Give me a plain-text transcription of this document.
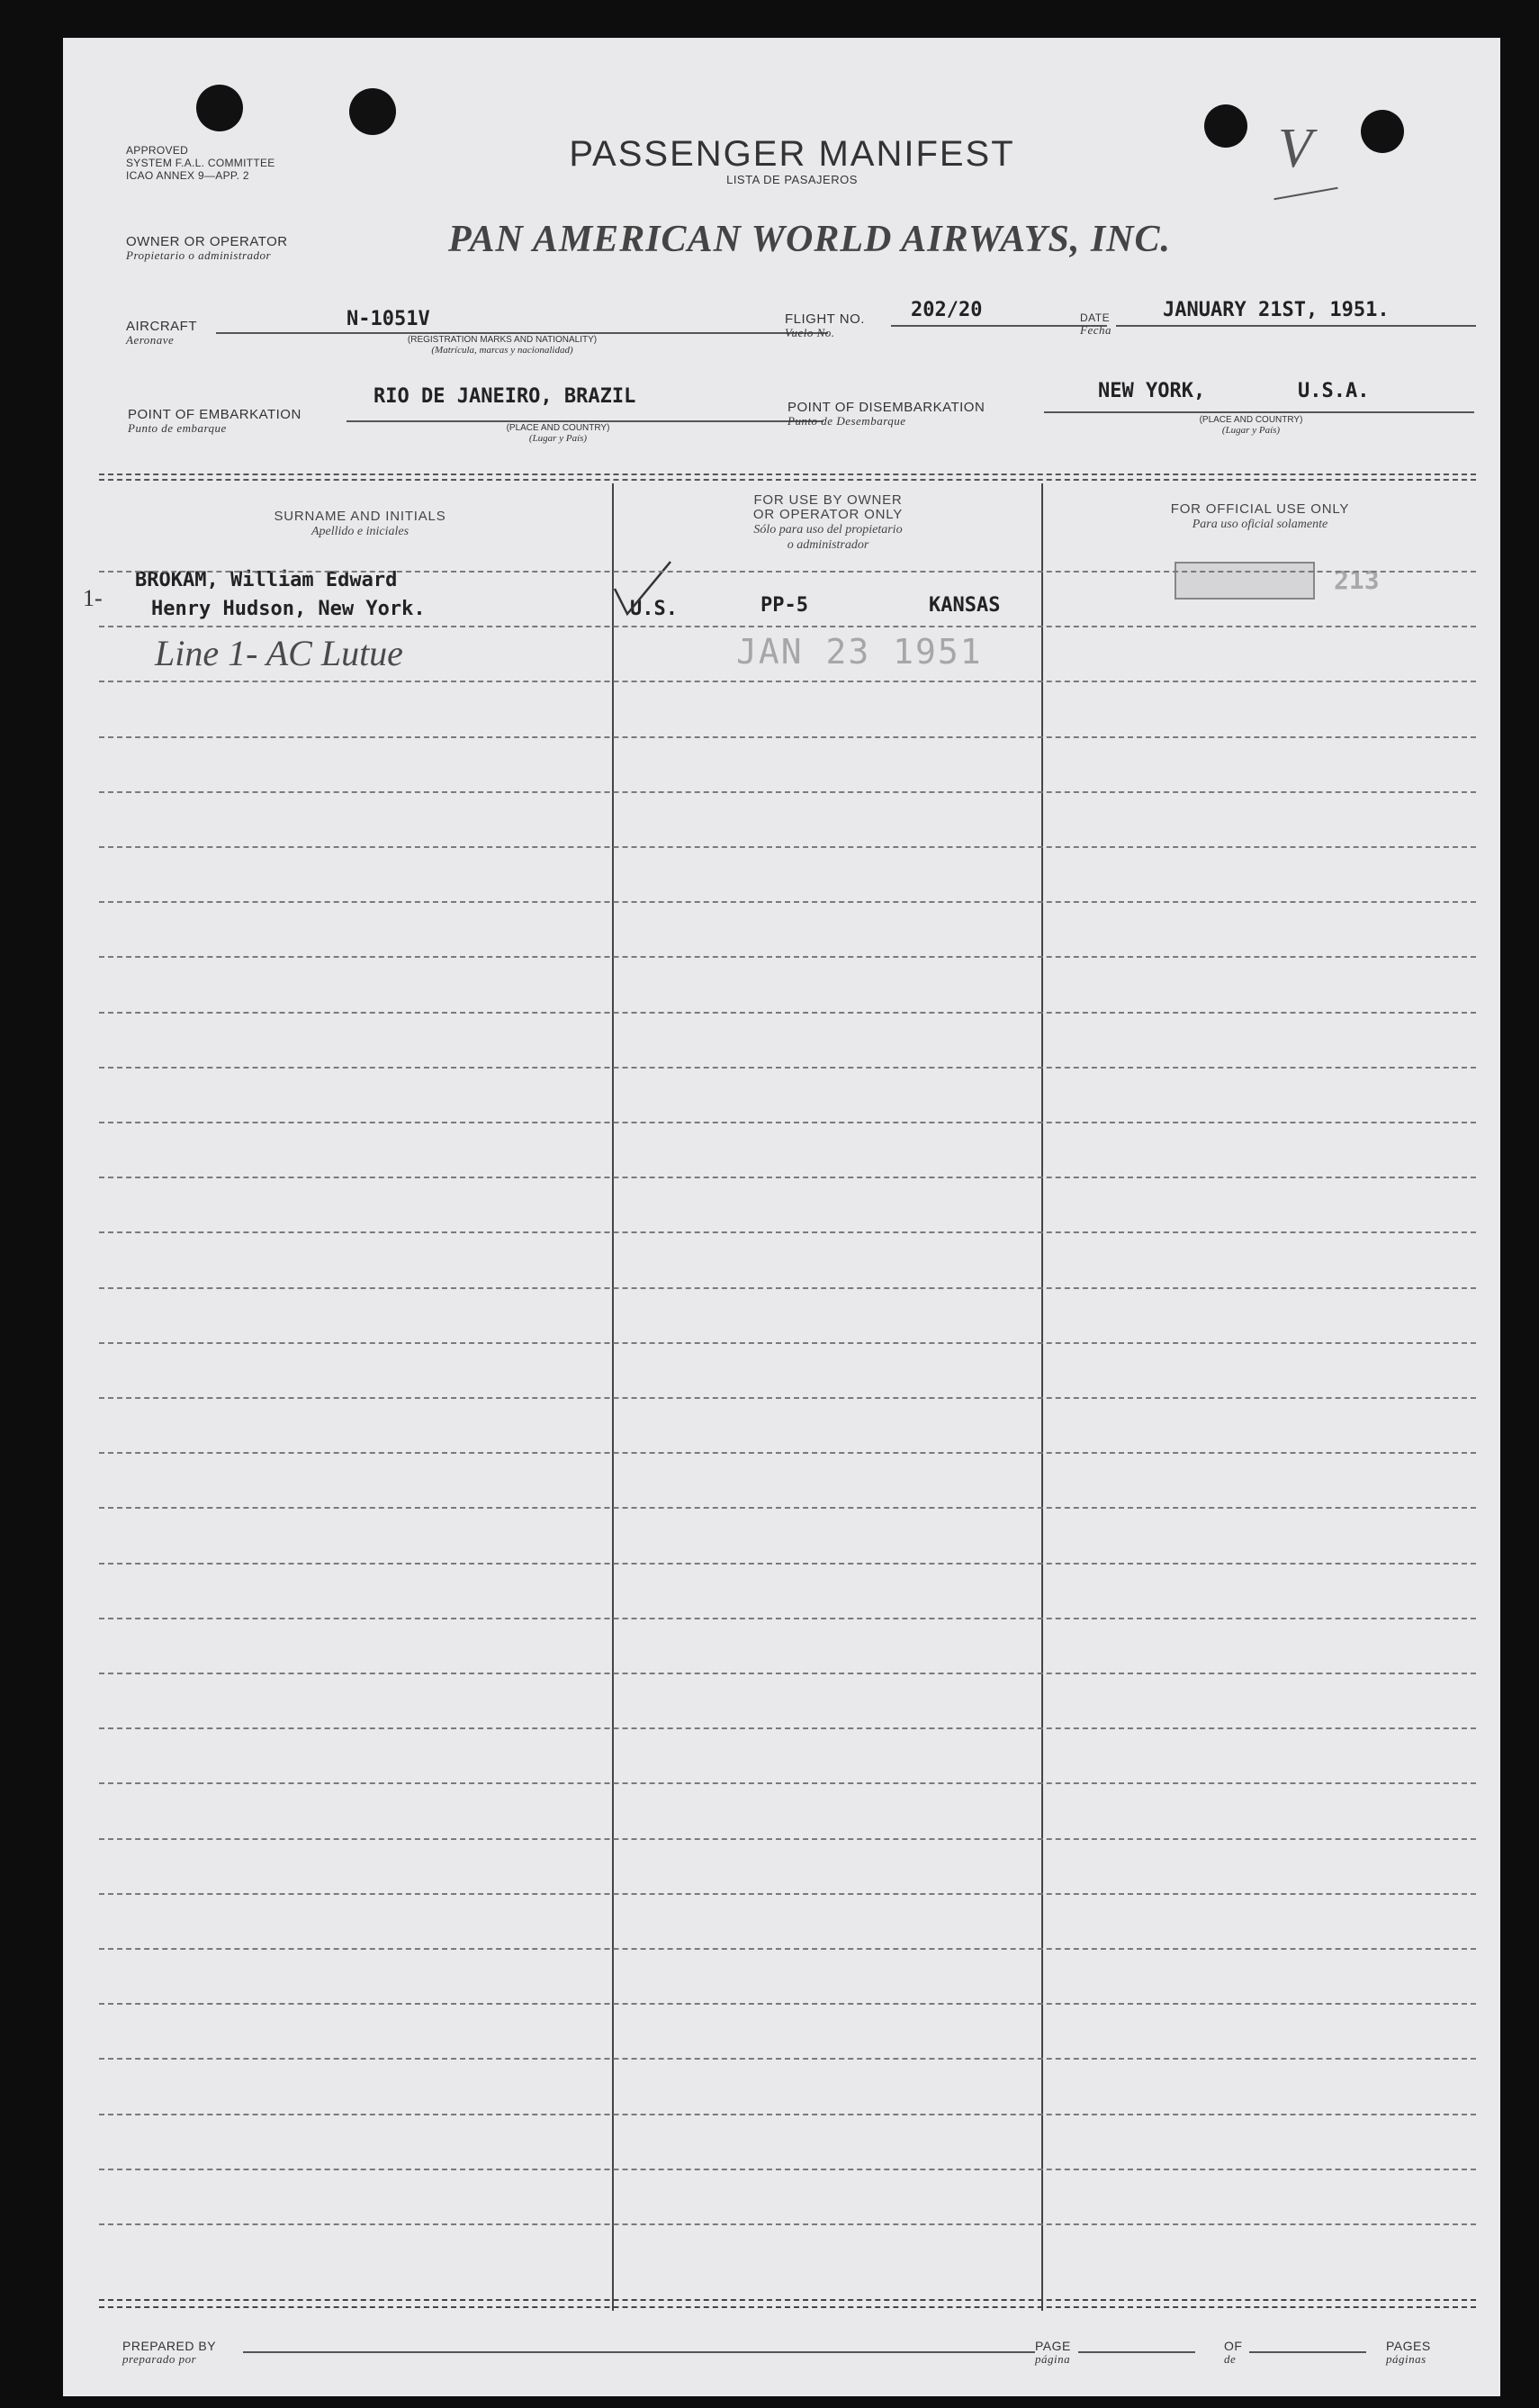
APPROVED
SYSTEM F.A.L. COMMITTEE
ICAO ANNEX 9—APP. 2
PASSENGER MANIFEST
LISTA DE PASAJEROS
V
OWNER OR OPERATOR
Propietario o administrador	PAN AMERICAN WORLD AIRWAYS, INC.
AIRCRAFT
Aeronave
N-1051V
(REGISTRATION MARKS AND NATIONALITY)
(Matrícula, marcas y nacionalidad)
FLIGHT NO.
Vuelo No.
202/20	DATE
Fecha
JANUARY 21ST, 1951.
POINT OF EMBARKATION
Punto de embarque
RIO DE JANEIRO, BRAZIL
(PLACE AND COUNTRY)
(Lugar y País)
POINT OF DISEMBARKATION
Punto de Desembarque
NEW YORK,	U.S.A.
(PLACE AND COUNTRY)
(Lugar y País)
SURNAME AND INITIALS
Apellido e iniciales
FOR USE BY OWNER
OR OPERATOR ONLY
Sólo para uso del propietario
o administrador
FOR OFFICIAL USE ONLY
Para uso oficial solamente
1-
BROKAM, William Edward
Henry Hudson, New York.	U.S.	PP-5	KANSAS
213
Line 1- AC Lutue	JAN 23 1951
PREPARED BY
preparado por
PAGE
página
OF
de
PAGES
páginas
